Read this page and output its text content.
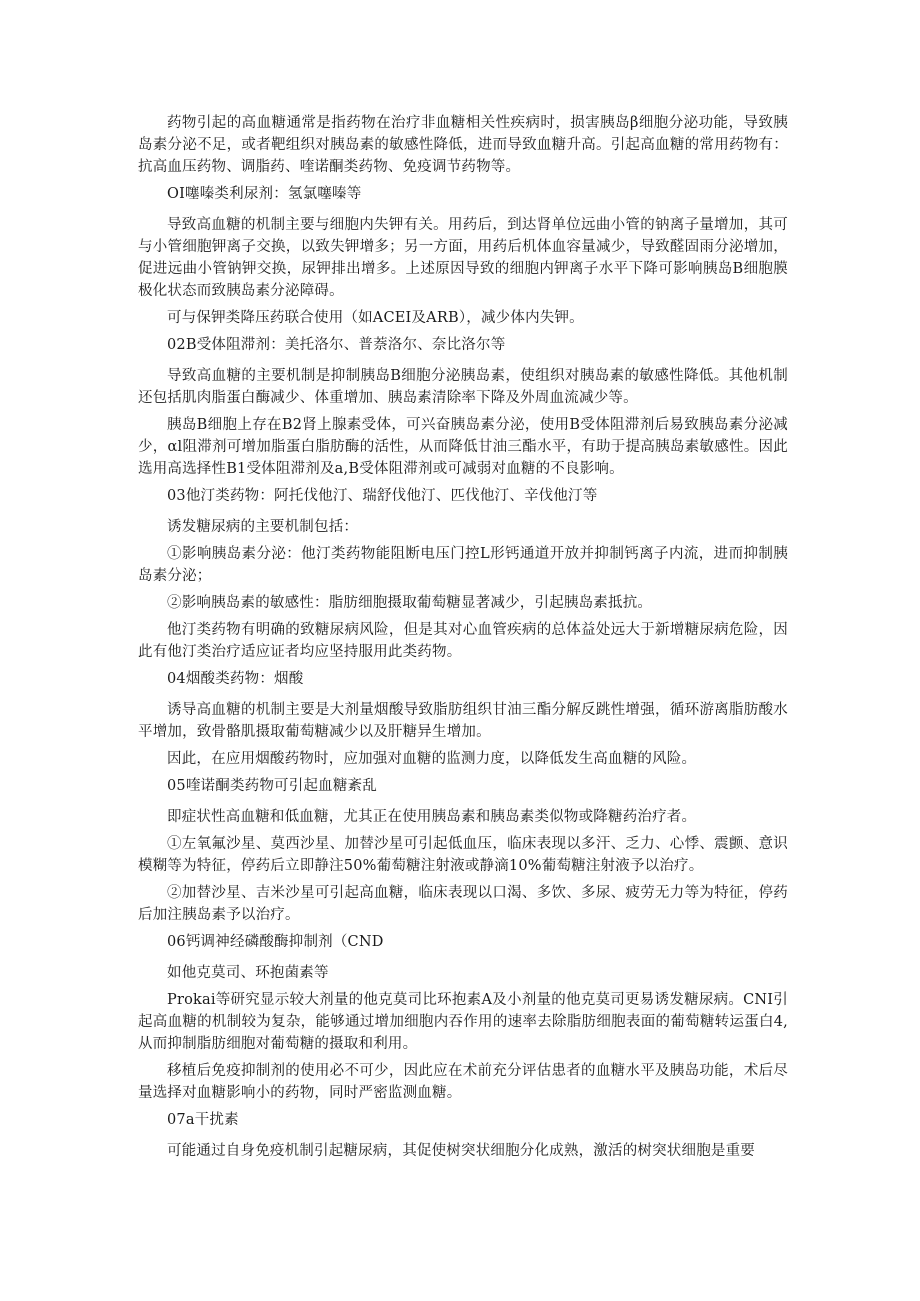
药物引起的高血糖通常是指药物在治疗非血糖相关性疾病时，损害胰岛β细胞分泌功能，导致胰岛素分泌不足，或者靶组织对胰岛素的敏感性降低，进而导致血糖升高。引起高血糖的常用药物有：抗高血压药物、调脂药、喹诺酮类药物、免疫调节药物等。

OI噻嗪类利尿剂：氢氯噻嗪等

导致高血糖的机制主要与细胞内失钾有关。用药后，到达肾单位远曲小管的钠离子量增加，其可与小管细胞钾离子交换，以致失钾增多；另一方面，用药后机体血容量减少，导致醛固雨分泌增加，促进远曲小管钠钾交换，尿钾排出增多。上述原因导致的细胞内钾离子水平下降可影响胰岛B细胞膜极化状态而致胰岛素分泌障碍。

可与保钾类降压药联合使用（如ACEI及ARB），减少体内失钾。

02B受体阻滞剂：美托洛尔、普萘洛尔、奈比洛尔等

导致高血糖的主要机制是抑制胰岛B细胞分泌胰岛素，使组织对胰岛素的敏感性降低。其他机制还包括肌肉脂蛋白酶减少、体重增加、胰岛素清除率下降及外周血流减少等。

胰岛B细胞上存在B2肾上腺素受体，可兴奋胰岛素分泌，使用B受体阻滞剂后易致胰岛素分泌减少，αl阻滞剂可增加脂蛋白脂肪酶的活性，从而降低甘油三酯水平，有助于提高胰岛素敏感性。因此选用高选择性B1受体阻滞剂及a,B受体阻滞剂或可减弱对血糖的不良影响。

03他汀类药物：阿托伐他汀、瑞舒伐他汀、匹伐他汀、辛伐他汀等

诱发糖尿病的主要机制包括：

①影响胰岛素分泌：他汀类药物能阻断电压门控L形钙通道开放并抑制钙离子内流，进而抑制胰岛素分泌；

②影响胰岛素的敏感性：脂肪细胞摄取葡萄糖显著减少，引起胰岛素抵抗。

他汀类药物有明确的致糖尿病风险，但是其对心血管疾病的总体益处远大于新增糖尿病危险，因此有他汀类治疗适应证者均应坚持服用此类药物。

04烟酸类药物：烟酸

诱导高血糖的机制主要是大剂量烟酸导致脂肪组织甘油三酯分解反跳性增强，循环游离脂肪酸水平增加，致骨骼肌摄取葡萄糖减少以及肝糖异生增加。

因此，在应用烟酸药物时，应加强对血糖的监测力度，以降低发生高血糖的风险。

05喹诺酮类药物可引起血糖紊乱

即症状性高血糖和低血糖，尤其正在使用胰岛素和胰岛素类似物或降糖药治疗者。

①左氧氟沙星、莫西沙星、加替沙星可引起低血压，临床表现以多汗、乏力、心悸、震颤、意识模糊等为特征，停药后立即静注50%葡萄糖注射液或静滴10%葡萄糖注射液予以治疗。

②加替沙星、吉米沙星可引起高血糖，临床表现以口渴、多饮、多尿、疲劳无力等为特征，停药后加注胰岛素予以治疗。

06钙调神经磷酸酶抑制剂（CND

如他克莫司、环抱菌素等

Prokai等研究显示较大剂量的他克莫司比环抱素A及小剂量的他克莫司更易诱发糖尿病。CNI引起高血糖的机制较为复杂，能够通过增加细胞内吞作用的速率去除脂肪细胞表面的葡萄糖转运蛋白4,从而抑制脂肪细胞对葡萄糖的摄取和利用。

移植后免疫抑制剂的使用必不可少，因此应在术前充分评估患者的血糖水平及胰岛功能，术后尽量选择对血糖影响小的药物，同时严密监测血糖。

07a干扰素

可能通过自身免疫机制引起糖尿病，其促使树突状细胞分化成熟，激活的树突状细胞是重要
